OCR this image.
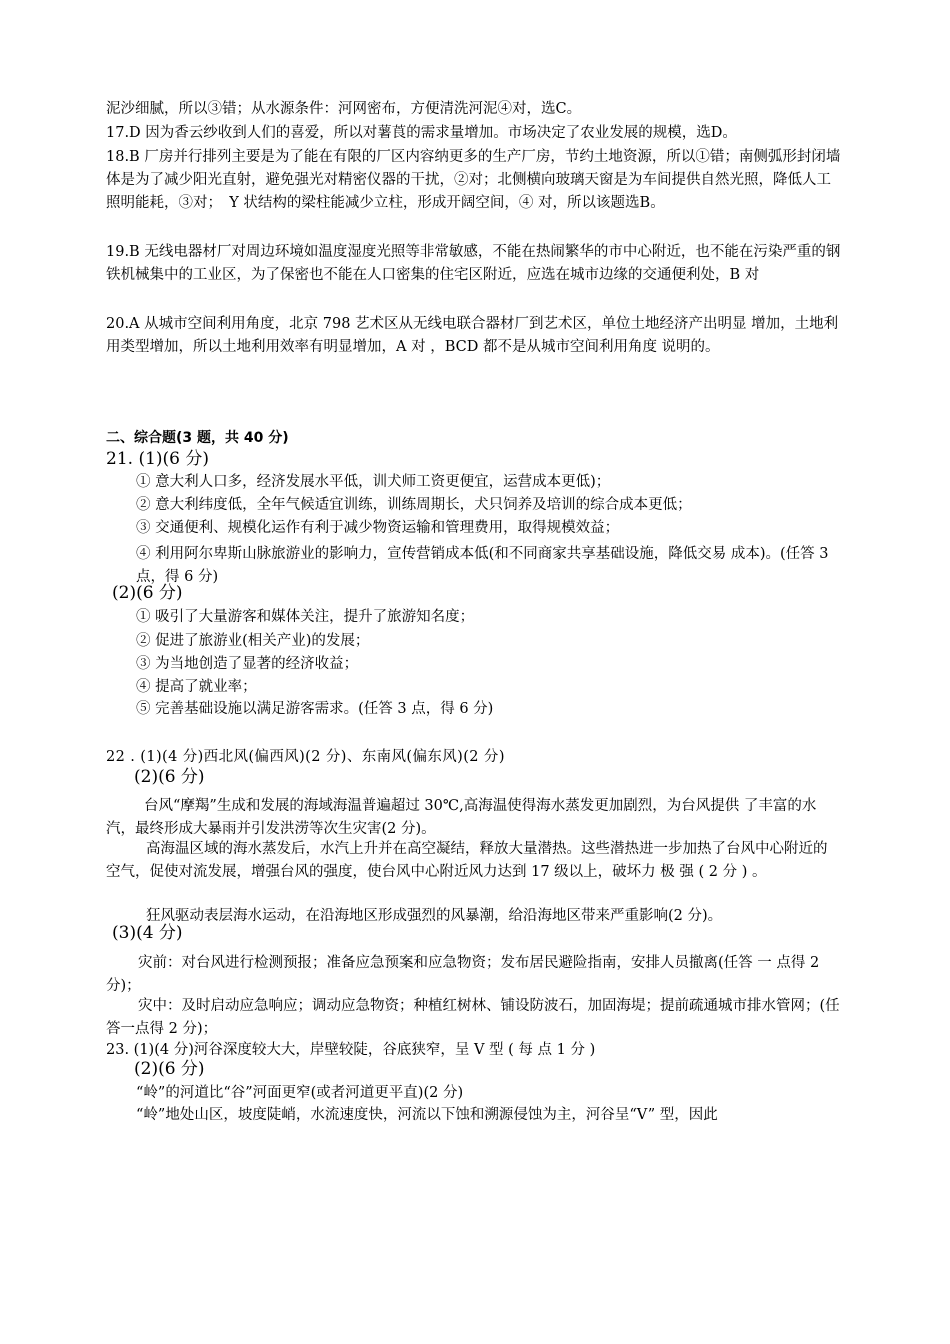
泥沙细腻，所以③错；从水源条件：河网密布，方便清洗河泥④对，选C。

17.D 因为香云纱收到人们的喜爱，所以对薯莨的需求量增加。市场决定了农业发展的规模，选D。

18.B 厂房并行排列主要是为了能在有限的厂区内容纳更多的生产厂房，节约土地资源，所以①错；南侧弧形封闭墙体是为了减少阳光直射，避免强光对精密仪器的干扰，②对；北侧横向玻璃天窗是为车间提供自然光照，降低人工照明能耗，③对；　Y 状结构的梁柱能减少立柱，形成开阔空间，④ 对，所以该题选B。

19.B 无线电器材厂对周边环境如温度湿度光照等非常敏感，不能在热闹繁华的市中心附近，也不能在污染严重的钢铁机械集中的工业区，为了保密也不能在人口密集的住宅区附近，应选在城市边缘的交通便利处，B 对

20.A 从城市空间利用角度，北京 798 艺术区从无线电联合器材厂到艺术区，单位土地经济产出明显 增加，土地利用类型增加，所以土地利用效率有明显增加，A 对 ，BCD 都不是从城市空间利用角度 说明的。

二、综合题(3 题，共 40 分)

21. (1)(6 分)

① 意大利人口多，经济发展水平低，训犬师工资更便宜，运营成本更低)；

② 意大利纬度低，全年气候适宜训练，训练周期长，犬只饲养及培训的综合成本更低；

③ 交通便利、规模化运作有利于减少物资运输和管理费用，取得规模效益；

④ 利用阿尔卑斯山脉旅游业的影响力，宣传营销成本低(和不同商家共享基础设施，降低交易 成本)。(任答 3 点，得 6 分)

(2)(6 分)

① 吸引了大量游客和媒体关注，提升了旅游知名度；

② 促进了旅游业(相关产业)的发展；

③ 为当地创造了显著的经济收益；

④ 提高了就业率；

⑤ 完善基础设施以满足游客需求。(任答 3 点，得 6 分)

22 . (1)(4 分)西北风(偏西风)(2 分)、东南风(偏东风)(2 分)

(2)(6 分)

台风“摩羯”生成和发展的海域海温普遍超过 30℃,高海温使得海水蒸发更加剧烈，为台风提供 了丰富的水汽，最终形成大暴雨并引发洪涝等次生灾害(2 分)。

高海温区域的海水蒸发后，水汽上升并在高空凝结，释放大量潜热。这些潜热进一步加热了台风中心附近的空气，促使对流发展，增强台风的强度，使台风中心附近风力达到 17 级以上，破坏力 极 强 ( 2 分 ) 。

狂风驱动表层海水运动，在沿海地区形成强烈的风暴潮，给沿海地区带来严重影响(2 分)。

(3)(4 分)

灾前：对台风进行检测预报；准备应急预案和应急物资；发布居民避险指南，安排人员撤离(任答 一 点得 2 分)；

灾中：及时启动应急响应；调动应急物资；种植红树林、铺设防波石，加固海堤；提前疏通城市排水管网；(任答一点得 2 分)；

23. (1)(4 分)河谷深度较大大，岸壁较陡，谷底狭窄，呈 V 型 ( 每 点 1 分 )

(2)(6 分)

“岭”的河道比“谷”河面更窄(或者河道更平直)(2 分)

“岭”地处山区，坡度陡峭，水流速度快，河流以下蚀和溯源侵蚀为主，河谷呈“V” 型，因此
